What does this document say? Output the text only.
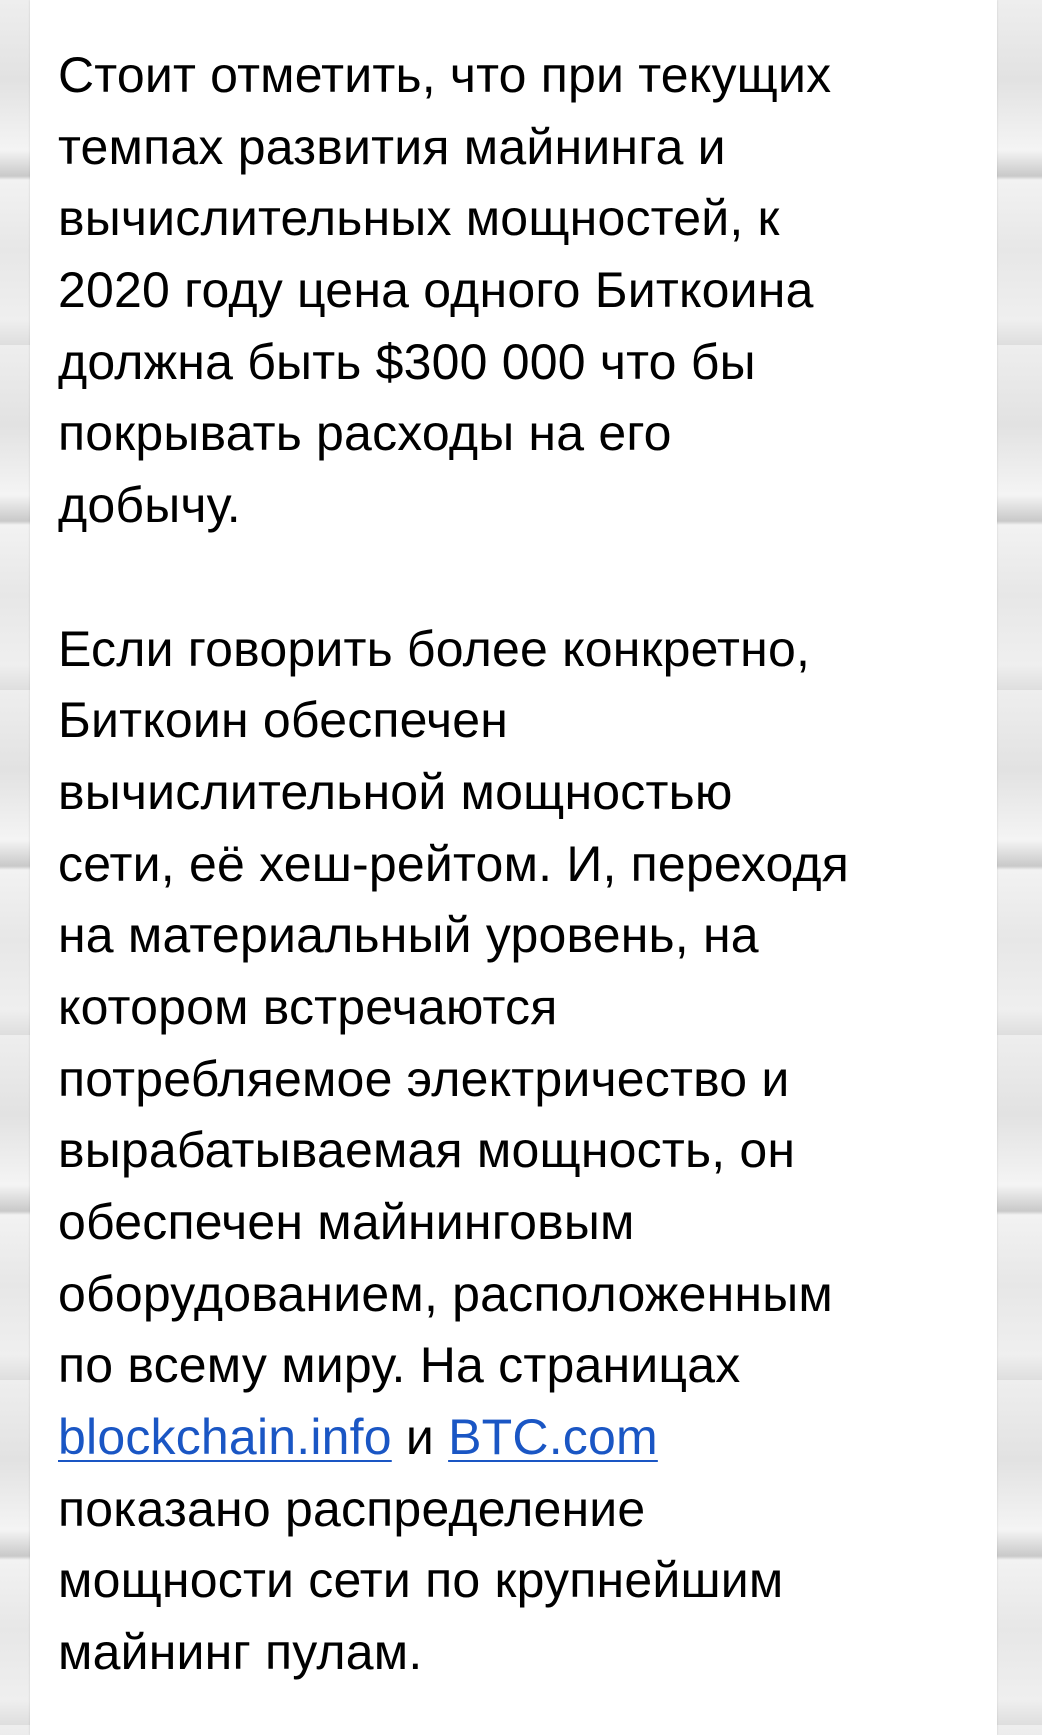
Стоит отметить, что при текущих
темпах развития майнинга и
вычислительных мощностей, к
2020 году цена одного Биткоина
должна быть $300 000 что бы
покрывать расходы на его
добычу.
Если говорить более конкретно,
Биткоин обеспечен
вычислительной мощностью
сети, её хеш-рейтом. И, переходя
на материальный уровень, на
котором встречаются
потребляемое электричество и
вырабатываемая мощность, он
обеспечен майнинговым
оборудованием, расположенным
по всему миру. На страницах
blockchain.info и BTC.com
показано распределение
мощности сети по крупнейшим
майнинг пулам.
